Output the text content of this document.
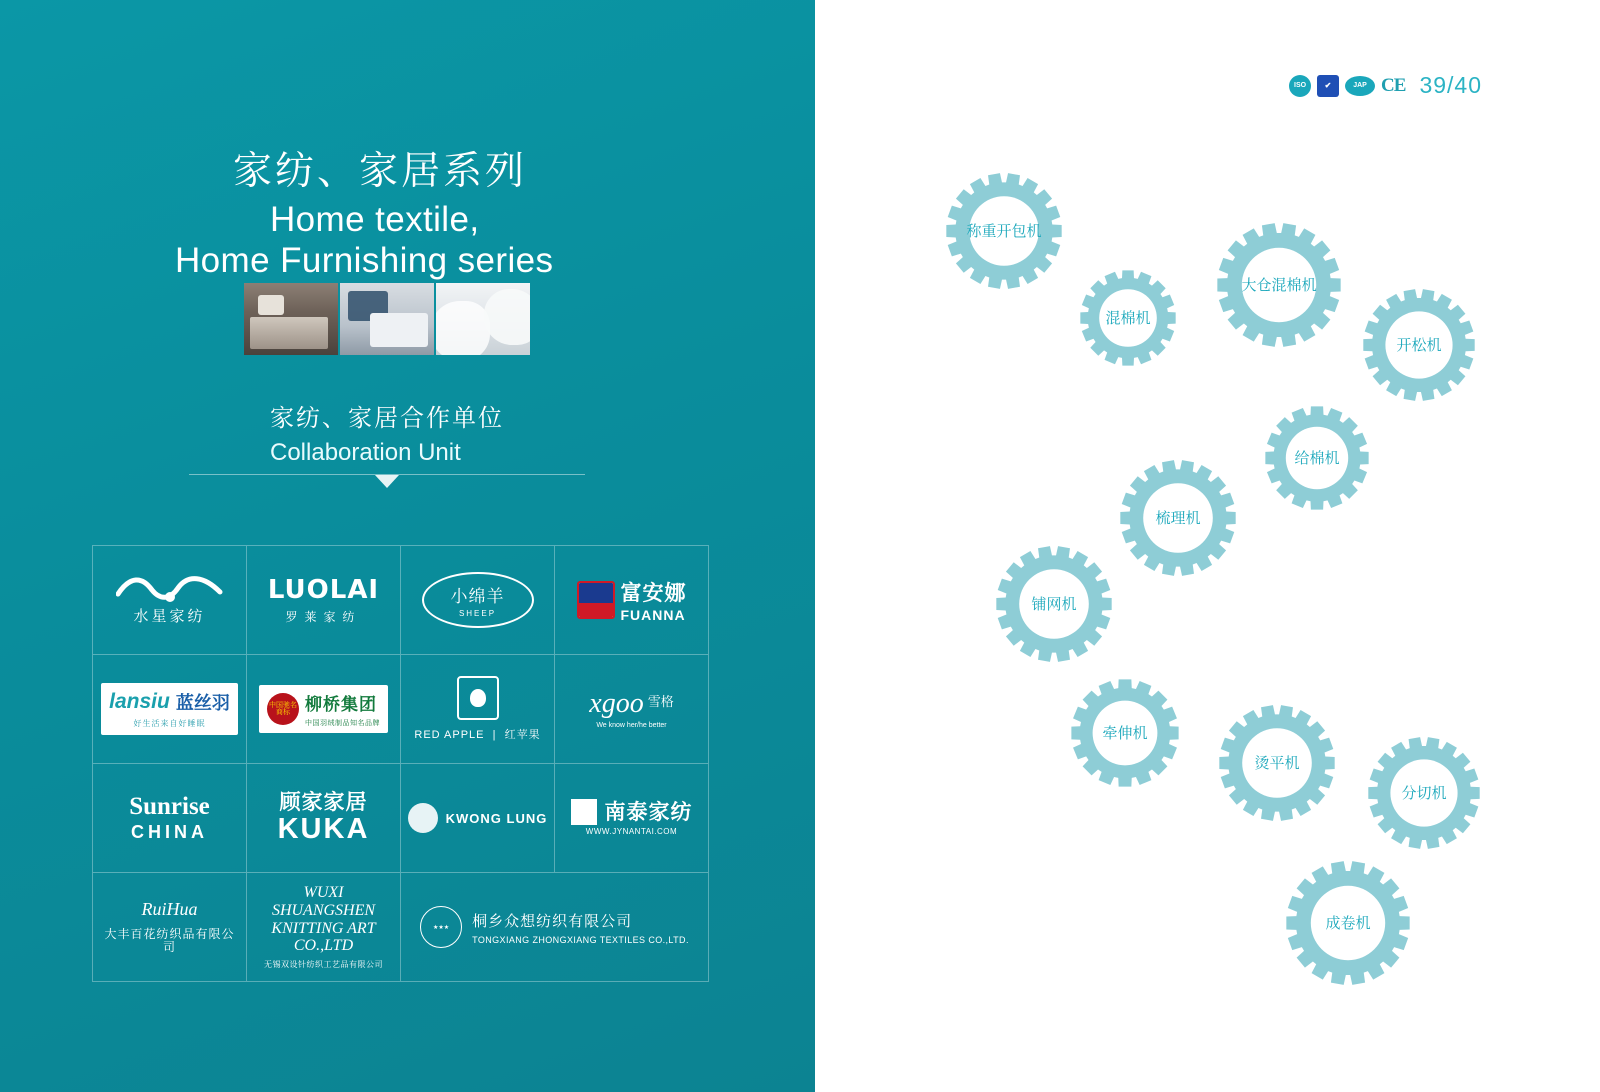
家纺、家居系列
Home textile,
Home Furnishing series
家纺、家居合作单位
Collaboration Unit
水星家纺
LUOLAI
罗莱家纺
小绵羊
SHEEP
富安娜
FUANNA
lansiu 蓝丝羽
好生活来自好睡眠
中国驰名商标 柳桥集团
中国羽绒制品知名品牌
RED APPLE  |  红苹果
xgoo 雪格
We know her/he better
Sunrise
CHINA
顾家家居
KUKA	KWONG LUNG	南泰家纺
WWW.JYNANTAI.COM
RuiHua
大丰百花纺织品有限公司
WUXI SHUANGSHEN KNITTING ART CO.,LTD
无锡双设针纺织工艺品有限公司
★★★	桐乡众想纺织有限公司
TONGXIANG ZHONGXIANG TEXTILES CO.,LTD.
ISO	✔	JAP CE 39/40
称重开包机
混棉机
大仓混棉机
开松机
给棉机
梳理机
铺网机
牵伸机
烫平机
分切机
成卷机
